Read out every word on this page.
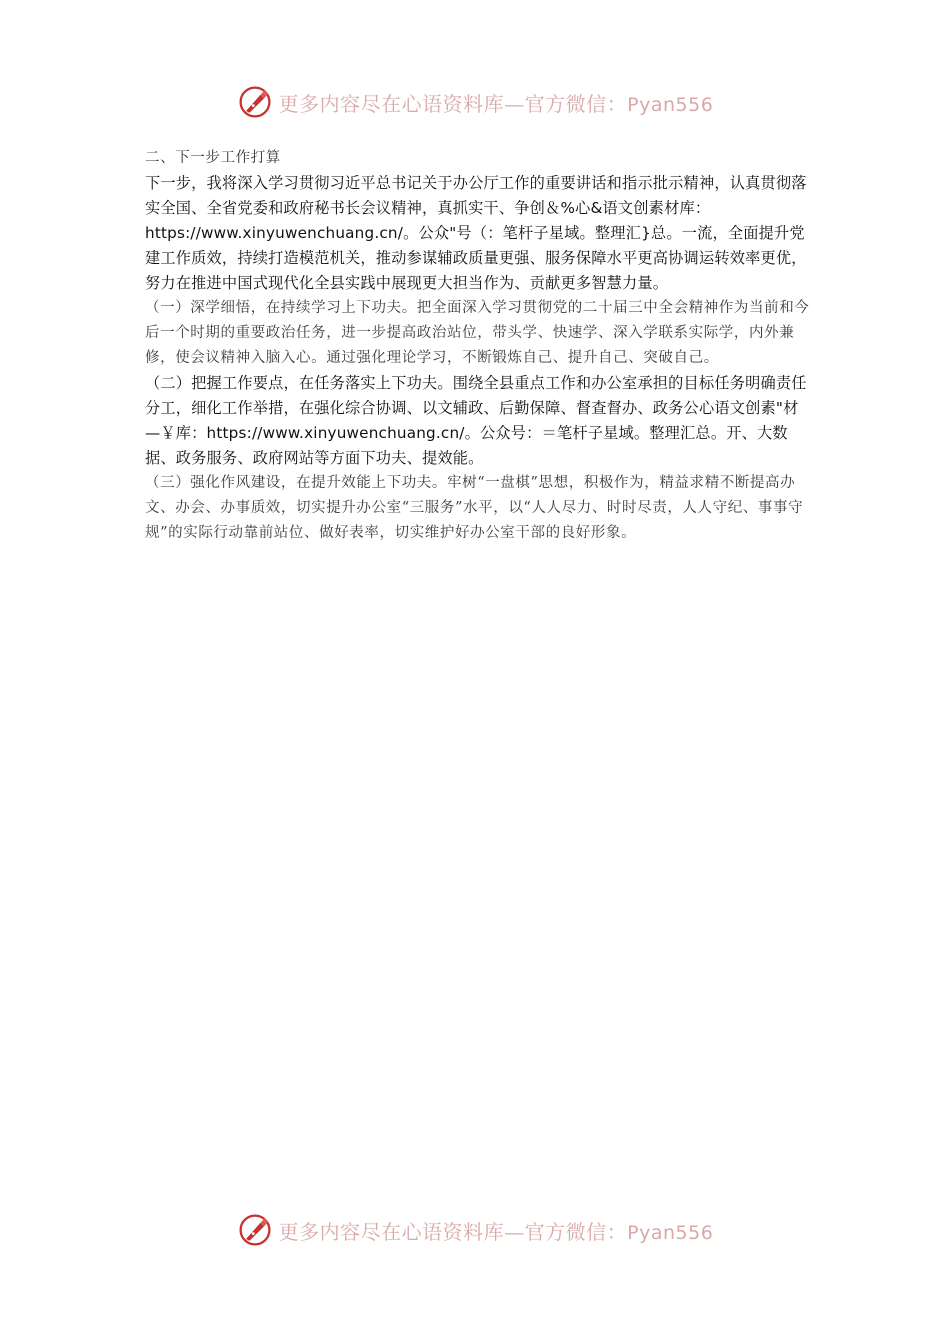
更多内容尽在心语资料库—官方微信：Pyan556

二、下一步工作打算

下一步，我将深入学习贯彻习近平总书记关于办公厅工作的重要讲话和指示批示精神，认真贯彻落实全国、全省党委和政府秘书长会议精神，真抓实干、争创＆%心&语文创素材库：https://www.xinyuwenchuang.cn/。公众"号（：笔杆子星域。整理汇}总。一流，全面提升党建工作质效，持续打造模范机关，推动参谋辅政质量更强、服务保障水平更高协调运转效率更优，努力在推进中国式现代化全县实践中展现更大担当作为、贡献更多智慧力量。

（一）深学细悟，在持续学习上下功夫。把全面深入学习贯彻党的二十届三中全会精神作为当前和今后一个时期的重要政治任务，进一步提高政治站位，带头学、快速学、深入学联系实际学，内外兼修，使会议精神入脑入心。通过强化理论学习，不断锻炼自己、提升自己、突破自己。

（二）把握工作要点，在任务落实上下功夫。围绕全县重点工作和办公室承担的目标任务明确责任分工，细化工作举措，在强化综合协调、以文辅政、后勤保障、督查督办、政务公心语文创素"材—￥库：https://www.xinyuwenchuang.cn/。公众号：＝笔杆子星域。整理汇总。开、大数据、政务服务、政府网站等方面下功夫、提效能。

（三）强化作风建设，在提升效能上下功夫。牢树“一盘棋”思想，积极作为，精益求精不断提高办文、办会、办事质效，切实提升办公室“三服务”水平，以“人人尽力、时时尽责，人人守纪、事事守规”的实际行动靠前站位、做好表率，切实维护好办公室干部的良好形象。

更多内容尽在心语资料库—官方微信：Pyan556
